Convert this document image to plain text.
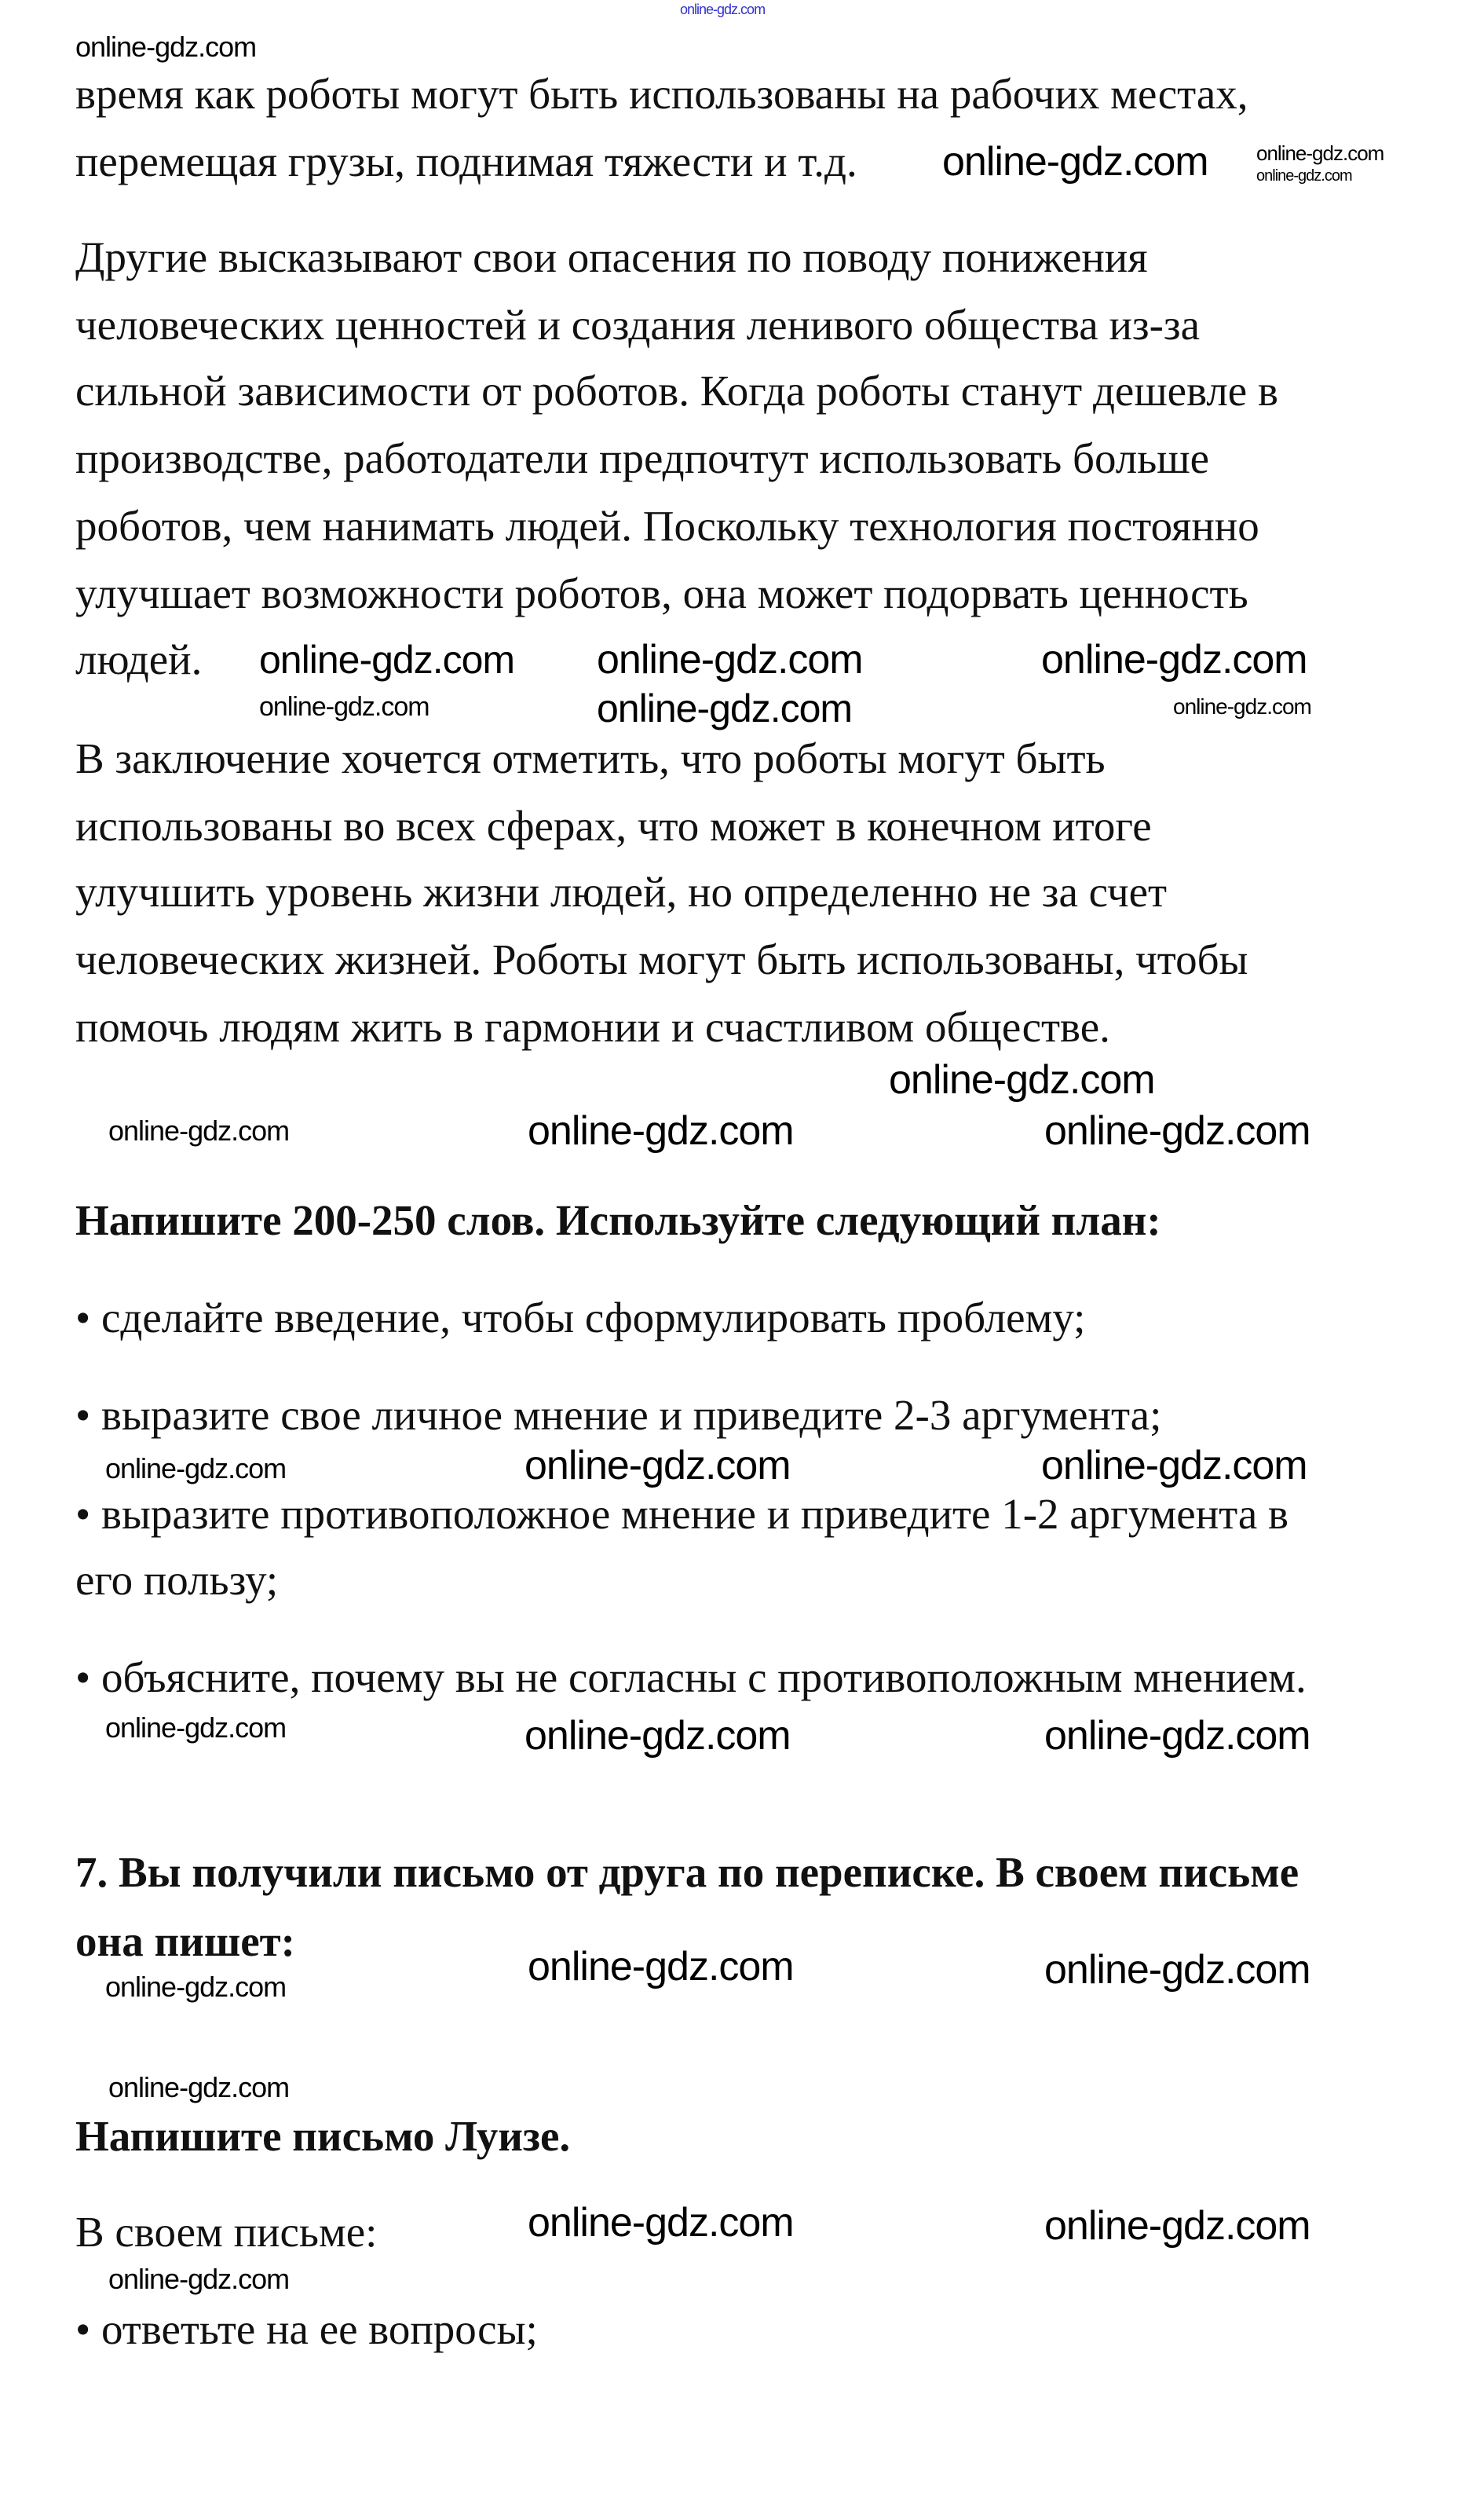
online-gdz.com
online-gdz.com
online-gdz.com online-gdz.com
online-gdz.com
online-gdz.com
online-gdz.com
online-gdz.com
online-gdz.com
online-gdz.com
online-gdz.com
online-gdz.com
online-gdz.com	online-gdz.com	online-gdz.com
online-gdz.com	online-gdz.com
online-gdz.com
online-gdz.com	online-gdz.com	online-gdz.com
online-gdz.com	online-gdz.com	online-gdz.com
online-gdz.com
online-gdz.com	online-gdz.com
online-gdz.com
время как роботы могут быть использованы на рабочих местах,
перемещая грузы, поднимая тяжести и т.д.
Другие высказывают свои опасения по поводу понижения
человеческих ценностей и создания ленивого общества из-за
сильной зависимости от роботов. Когда роботы станут дешевле в
производстве, работодатели предпочтут использовать больше
роботов, чем нанимать людей. Поскольку технология постоянно
улучшает возможности роботов, она может подорвать ценность
людей.
В заключение хочется отметить, что роботы могут быть
использованы во всех сферах, что может в конечном итоге
улучшить уровень жизни людей, но определенно не за счет
человеческих жизней. Роботы могут быть использованы, чтобы
помочь людям жить в гармонии и счастливом обществе.
Напишите 200-250 слов. Используйте следующий план:
• сделайте введение, чтобы сформулировать проблему;
• выразите свое личное мнение и приведите 2-3 аргумента;
• выразите противоположное мнение и приведите 1-2 аргумента в
его пользу;
• объясните, почему вы не согласны с противоположным мнением.
7. Вы получили письмо от друга по переписке. В своем письме
она пишет:
Напишите письмо Луизе.
В своем письме:
• ответьте на ее вопросы;
